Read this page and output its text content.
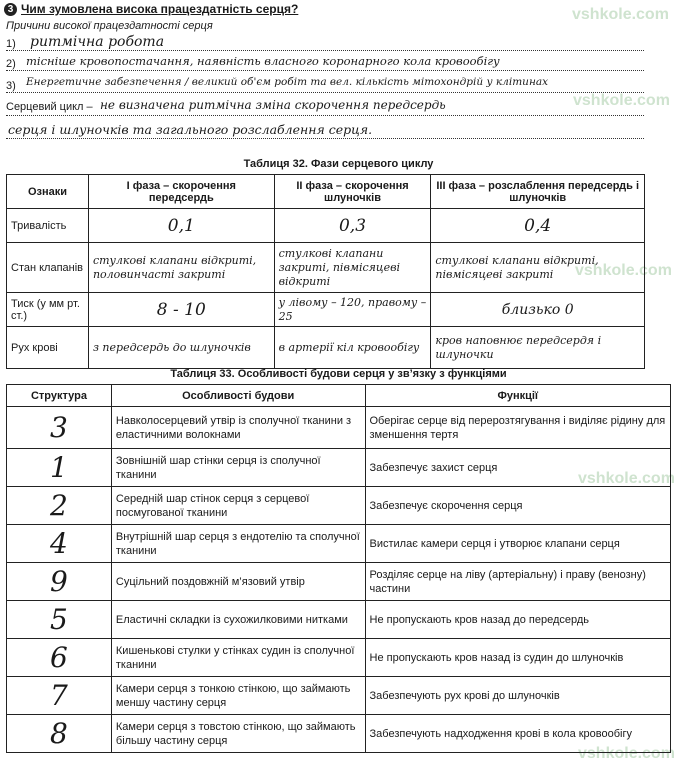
vshkole.com
vshkole.com
vshkole.com
vshkole.com
vshkole.com
3 Чим зумовлена висока працездатність серця?
Причини високої працездатності серця
1) ритмічна робота
2) тісніше кровопостачання, наявність власного коронарного кола кровообігу
3) Енергетичне забезпечення / великий об'єм робіт та вел. кількість мітохондрій у клітинах
Серцевий цикл – не визначена ритмічна зміна скорочення передсердь
серця і шлуночків та загального розслаблення серця.
Таблиця 32. Фази серцевого циклу
Ознаки	І фаза – скорочення передсердь	ІІ фаза – скорочення шлуночків	ІІІ фаза – розслаблення передсердь і шлуночків
Тривалість	0,1	0,3	0,4
Стан клапанів	стулкові клапани відкриті, половинчасті закриті	стулкові клапани закриті, півмісяцеві відкриті	стулкові клапани відкриті, півмісяцеві закриті
Тиск (у мм рт. ст.)	8 - 10	у лівому – 120, правому – 25	близько 0
Рух крові	з передсердь до шлуночків	в артерії кіл кровообігу	кров наповнює передсердя і шлуночки
Таблиця 33. Особливості будови серця у зв’язку з функціями
Структура	Особливості будови	Функції
3	Навколосерцевий утвір із сполучної тканини з еластичними волокнами	Оберігає серце від перерозтягування і виділяє рідину для зменшення тертя
1	Зовнішній шар стінки серця із сполучної тканини	Забезпечує захист серця
2	Середній шар стінок серця з серцевої посмугованої тканини	Забезпечує скорочення серця
4	Внутрішній шар серця з ендотелію та сполучної тканини	Вистилає камери серця і утворює клапани серця
9	Суцільний поздовжній м’язовий утвір	Розділяє серце на ліву (артеріальну) і праву (венозну) частини
5	Еластичні складки із сухожилковими нитками	Не пропускають кров назад до передсердь
6	Кишенькові стулки у стінках судин із сполучної тканини	Не пропускають кров назад із судин до шлуночків
7	Камери серця з тонкою стінкою, що займають меншу частину серця	Забезпечують рух крові до шлуночків
8	Камери серця з товстою стінкою, що займають більшу частину серця	Забезпечують надходження крові в кола кровообігу
